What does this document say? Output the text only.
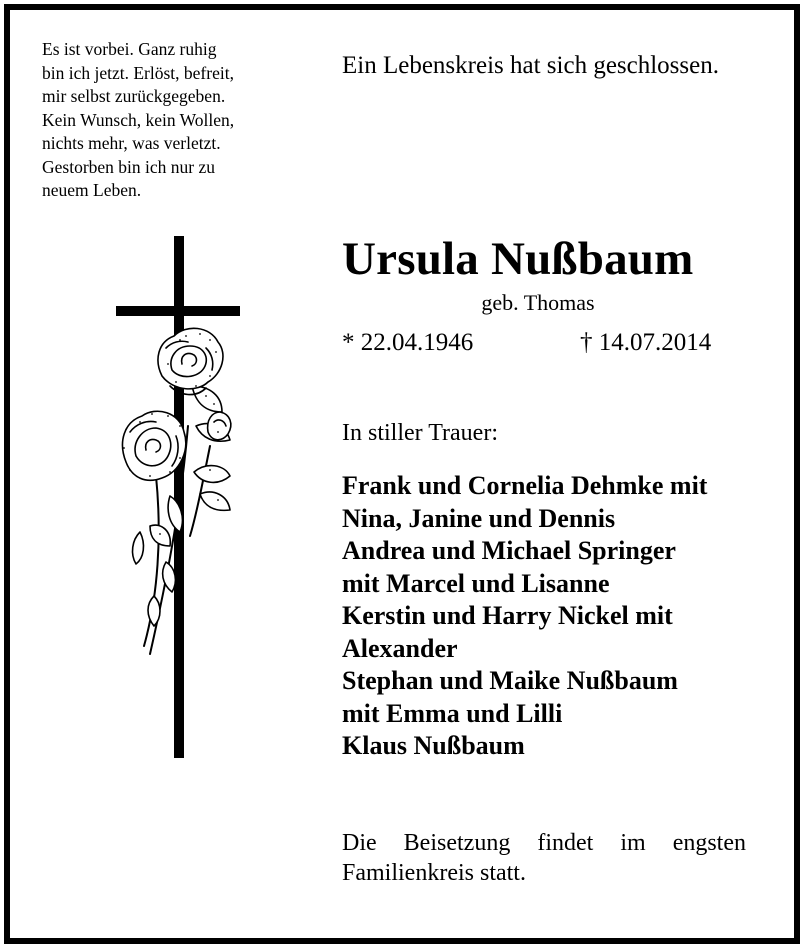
Es ist vorbei. Ganz ruhig
bin ich jetzt. Erlöst, befreit,
mir selbst zurückgegeben.
Kein Wunsch, kein Wollen,
nichts mehr, was verletzt.
Gestorben bin ich nur zu
neuem Leben.
Ein Lebenskreis hat sich geschlossen.
Ursula Nußbaum
geb. Thomas
* 22.04.1946	† 14.07.2014
In stiller Trauer:
Frank und Cornelia Dehmke mit
Nina, Janine und Dennis
Andrea und Michael Springer
mit Marcel und Lisanne
Kerstin und Harry Nickel mit
Alexander
Stephan und Maike Nußbaum
mit Emma und Lilli
Klaus Nußbaum
Die Beisetzung findet im engsten
Familienkreis statt.
